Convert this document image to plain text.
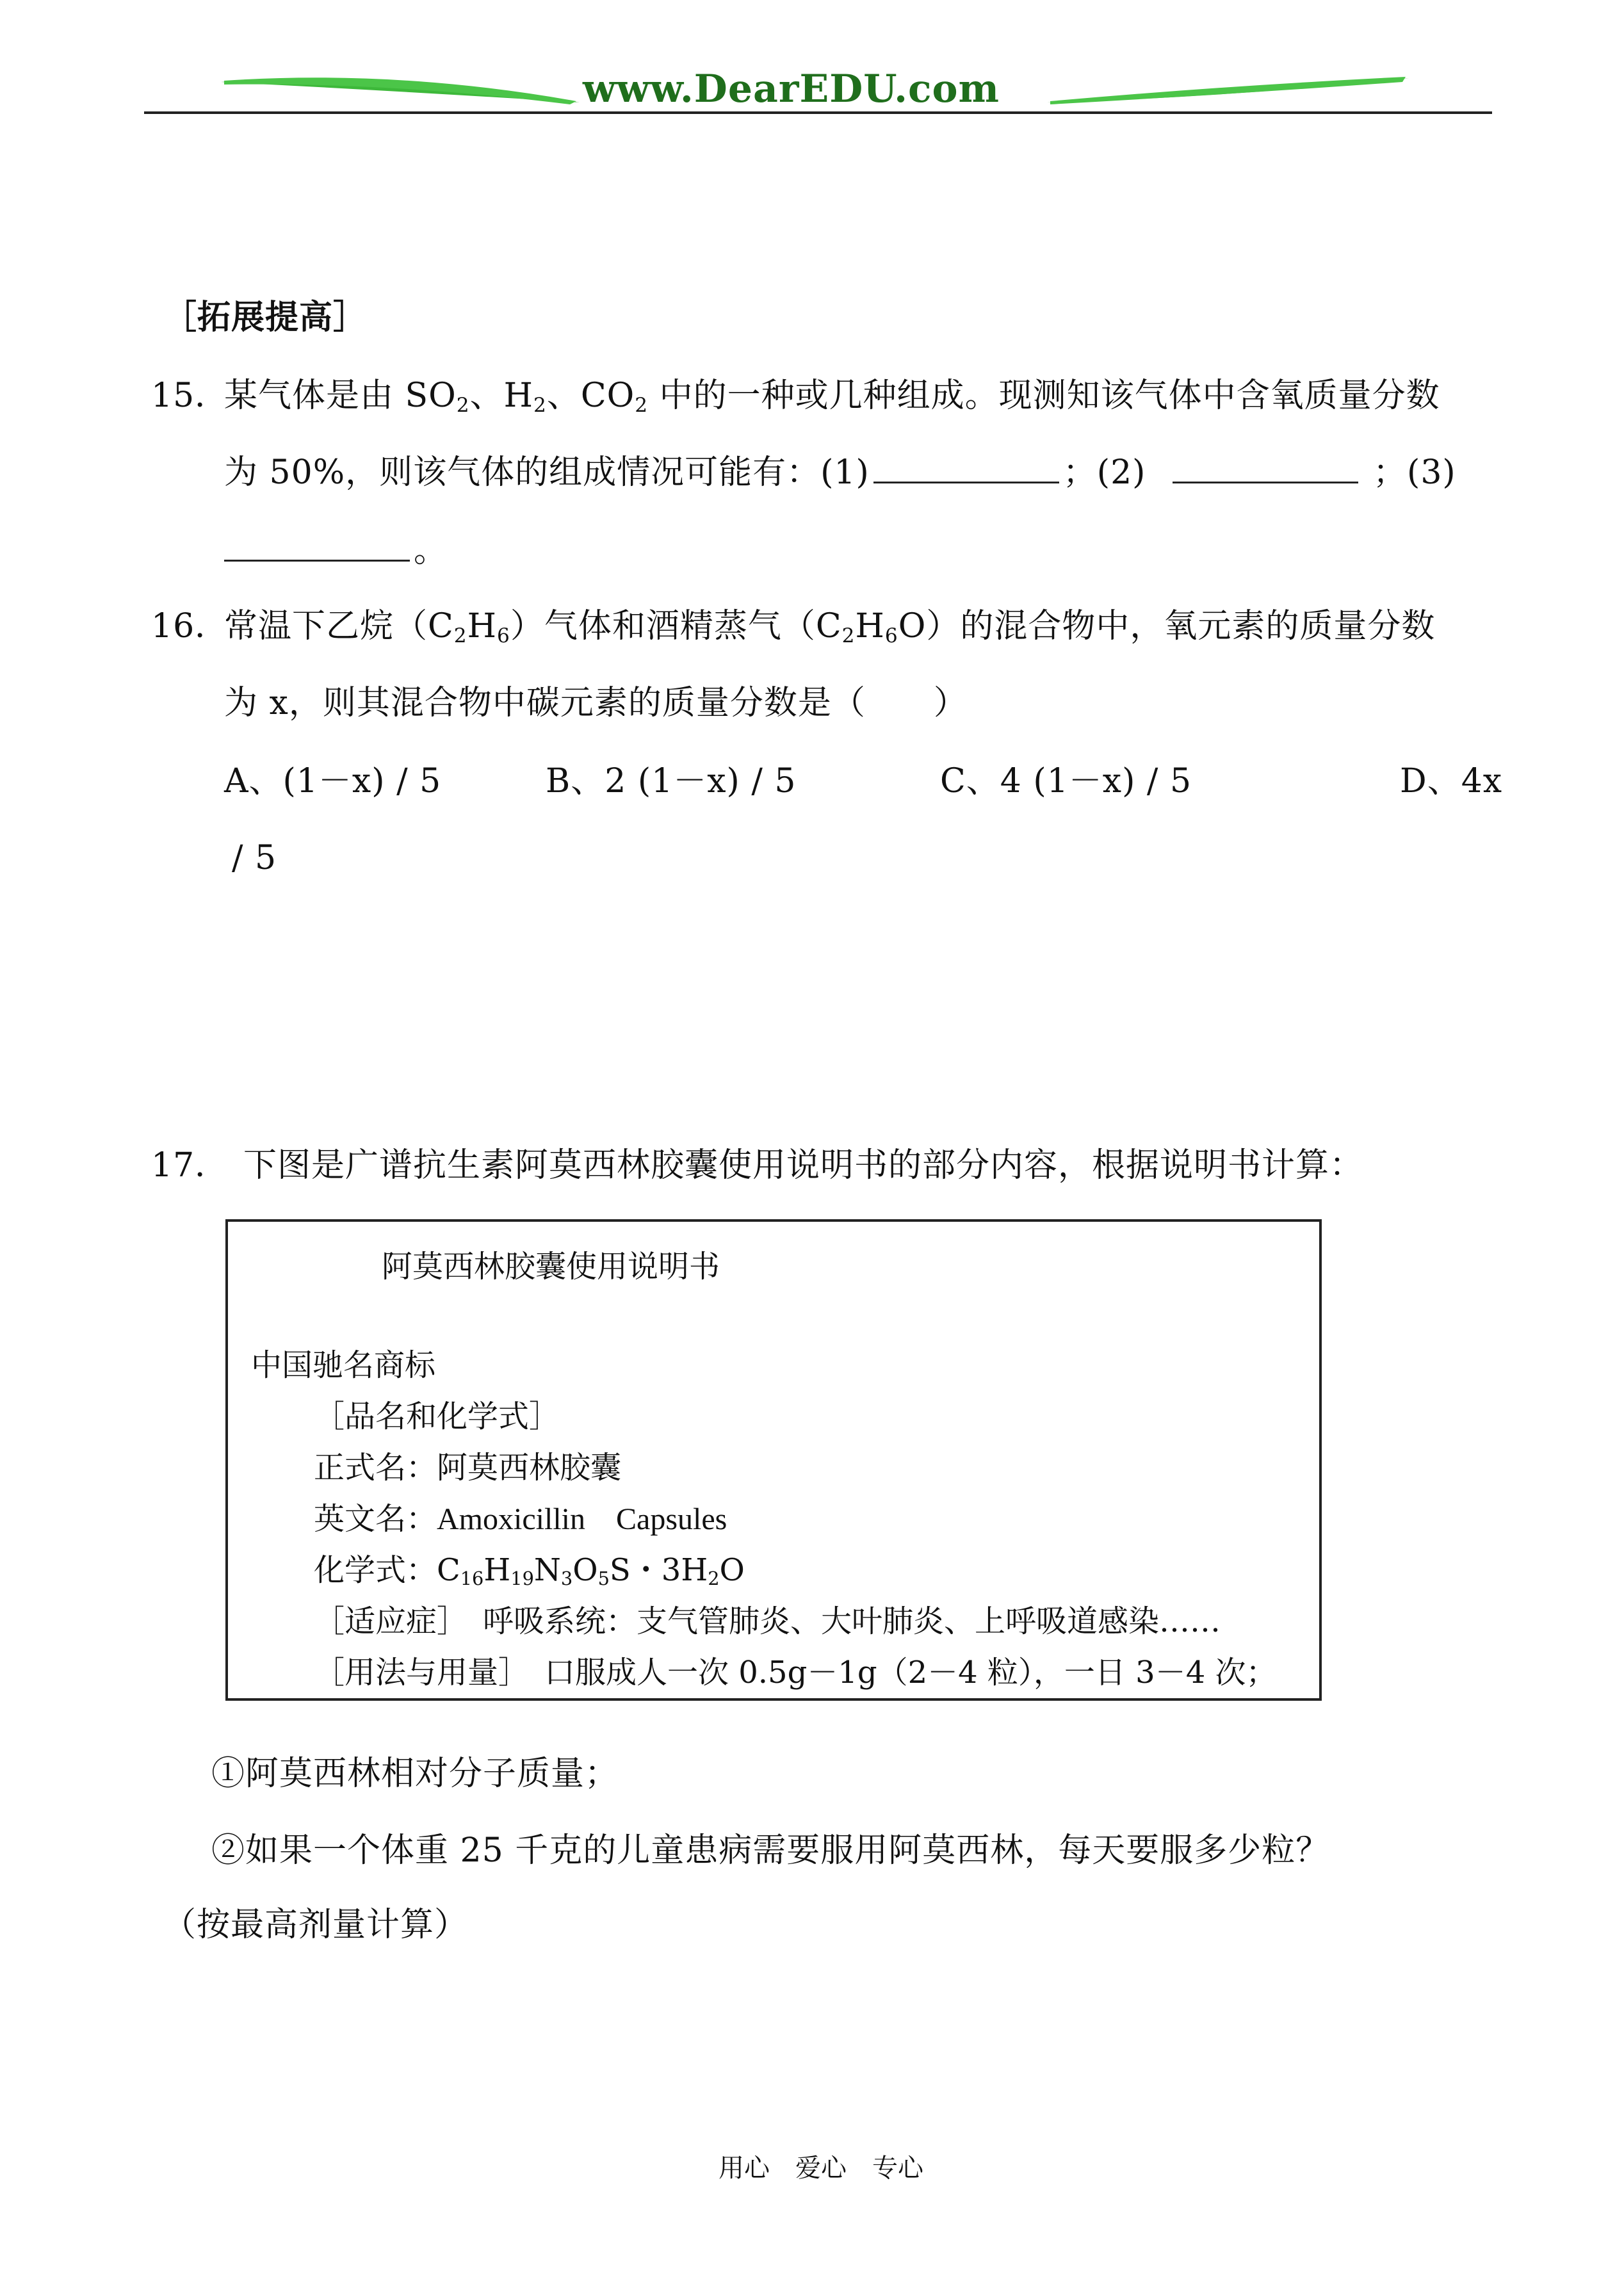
www.DearEDU.com
［拓展提高］
15．
某气体是由 $SO_2$、$H_2$、$CO_2$ 中的一种或几种组成。现测知该气体中含氧质量分数
为 50%，则该气体的组成情况可能有：(1)	；(2)	；(3)
。
16．
常温下乙烷$(C_2H_6)$气体和酒精蒸气$(C_2H_6O)$的混合物中，氧元素的质量分数
为 x，则其混合物中碳元素的质量分数是（　　）
A、(1－x) / 5	B、2 (1－x) / 5	C、4 (1－x) / 5	D、4x
/ 5
17． 下图是广谱抗生素阿莫西林胶囊使用说明书的部分内容，根据说明书计算：
阿莫西林胶囊使用说明书
中国驰名商标
［品名和化学式］
正式名：阿莫西林胶囊
英文名：Amoxicillin　Capsules
化学式：$C_{16}H_{19}N_3O_5S$・$3H_2O$
［适应症］　呼吸系统：支气管肺炎、大叶肺炎、上呼吸道感染……
［用法与用量］　口服成人一次 0.5g－1g（2－4 粒），一日 3－4 次；
①阿莫西林相对分子质量；
②如果一个体重 25 千克的儿童患病需要服用阿莫西林，每天要服多少粒？
（按最高剂量计算）
用心　爱心　专心
